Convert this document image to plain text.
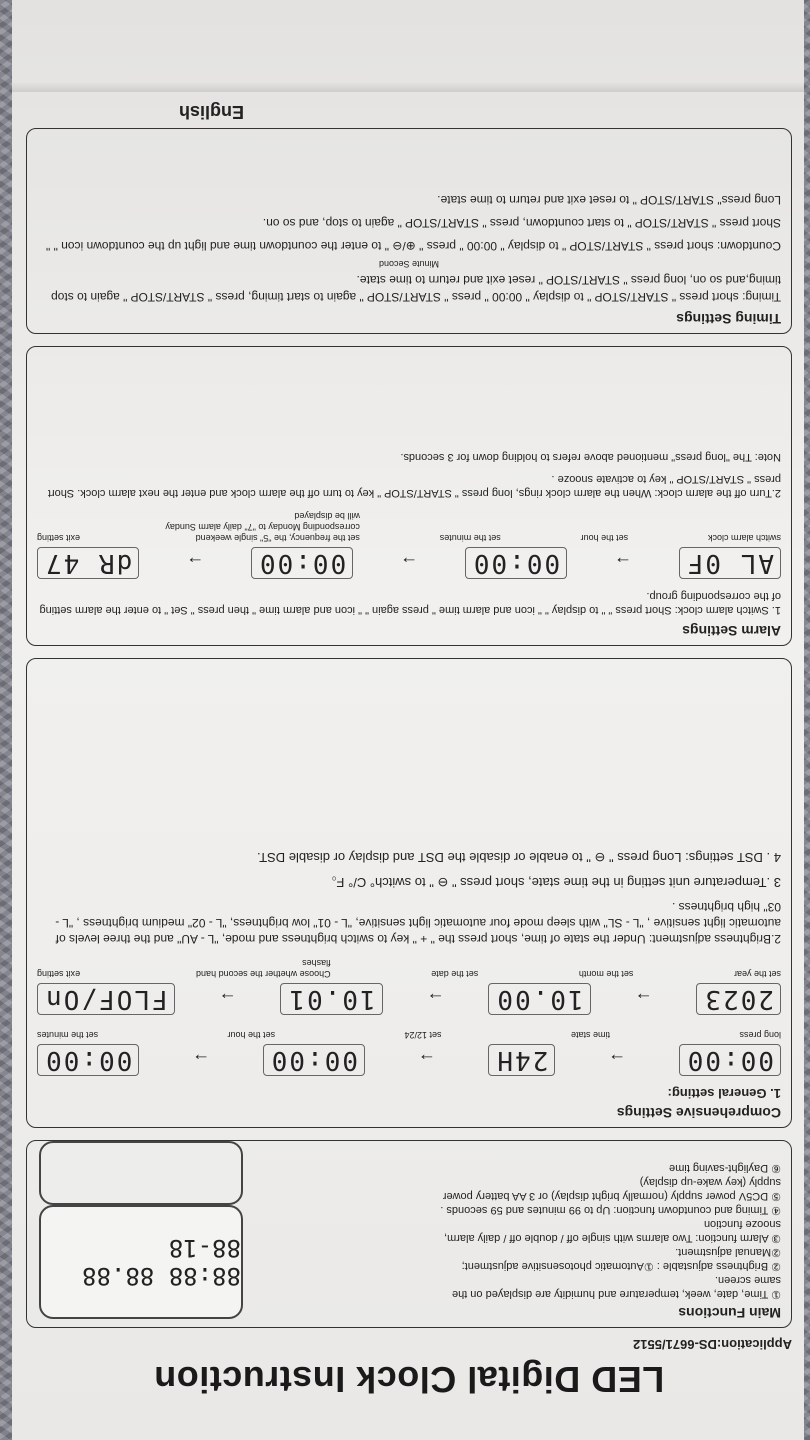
LED Digital Clock Instruction
Application:DS-6671/5512
Main Functions
① Time, date, week, temperature and humidity are displayed on the same screen.
② Brightness adjustable : ①Automatic photosensitive adjustment; ②Manual adjustment.
③ Alarm function: Two alarms with single off / double off / daily alarm, snooze function
④ Timing and countdown function: Up to 99 minutes and 59 seconds .
⑤ DC5V power supply (normally bright display) or 3 AA battery power supply (key wake-up display)
⑥ Daylight-saving time
88:88 88.88 88-18
Comprehensive Settings
1. General setting:
00:00
→
24H
→
00:00
→
00:00
long press
time state
set 12/24
set the hour
set the minutes
2023
→
10.00
→
10.01
→
FLOF/On
set the year
set the month
set the date
Choose whether the second hand flashes
exit setting
2.Brightness adjustment: Under the state of time, short press the " + " key to switch brightness and mode, "L - AU" and the three levels of automatic light sensitive , "L - SL" with sleep mode four automatic light sensitive, "L - 01" low brightness, "L - 02" medium brightness , "L - 03" high brightness .
3 .Temperature unit setting in the time state, short press " ⊖ " to switch° C/° F。
4 . DST settings: Long press " ⊖ " to enable or disable the DST and display or disable DST.
Alarm Settings
1. Switch alarm clock: Short press " " to display " " icon and alarm time " press again " " icon and alarm time " then press " Set " to enter the alarm setting of the corresponding group.
AL 0F
→
00:00
→
00:00
→
dR 47
switch alarm clock
set the hour
set the minutes
set the frequency, the "5" single weekend corresponding Monday to "7" daily alarm Sunday will be displayed
exit setting
2.Turn off the alarm clock: When the alarm clock rings, long press " START/STOP " key to turn off the alarm clock and enter the next alarm clock. Short press " START/STOP " key to activate snooze .
Note: The "long press" mentioned above refers to holding down for 3 seconds.
Timing Settings
Timing: short press " START/STOP " to display " 00:00 " press " START/STOP " again to start timing, press " START/STOP " again to stop timing,and so on, long press " START/STOP " reset exit and return to time state.
Minute Second
Countdown: short press " START/STOP " to display " 00:00 " press " ⊕/⊖ " to enter the countdown time and light up the countdown icon " "
Short press " START/STOP " to start countdown, press " START/STOP " again to stop, and so on.
Long press" START/STOP " to reset exit and return to time state.
English
